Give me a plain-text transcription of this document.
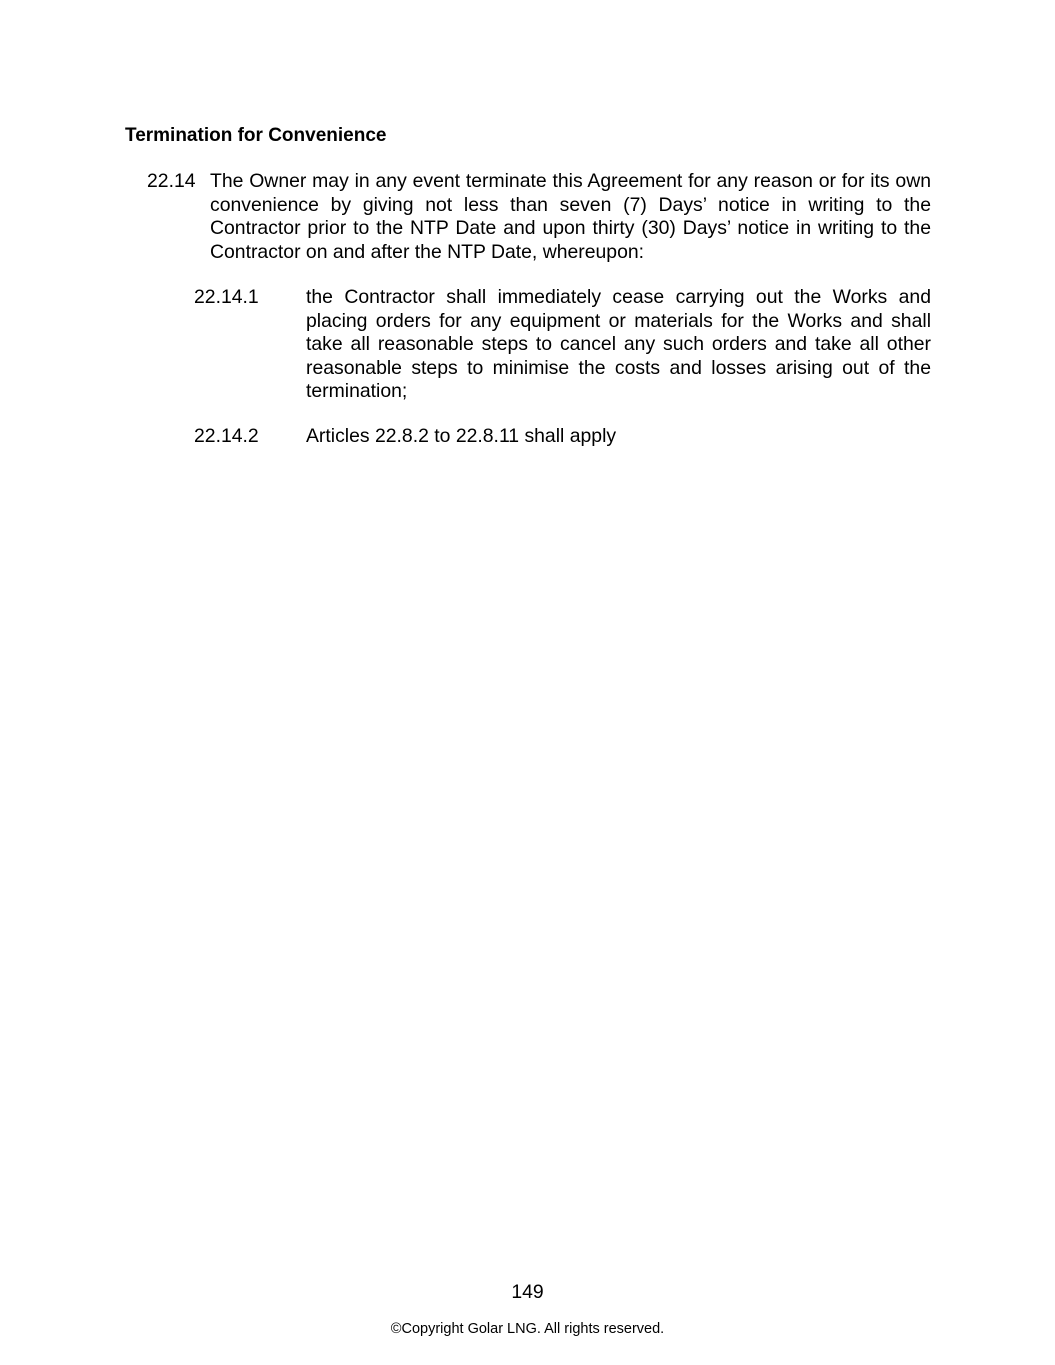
Termination for Convenience
22.14 The Owner may in any event terminate this Agreement for any reason or for its own convenience by giving not less than seven (7) Days’ notice in writing to the Contractor prior to the NTP Date and upon thirty (30) Days’ notice in writing to the Contractor on and after the NTP Date, whereupon:
22.14.1 the Contractor shall immediately cease carrying out the Works and placing orders for any equipment or materials for the Works and shall take all reasonable steps to cancel any such orders and take all other reasonable steps to minimise the costs and losses arising out of the termination;
22.14.2 Articles 22.8.2 to 22.8.11 shall apply
149
©Copyright Golar LNG. All rights reserved.
